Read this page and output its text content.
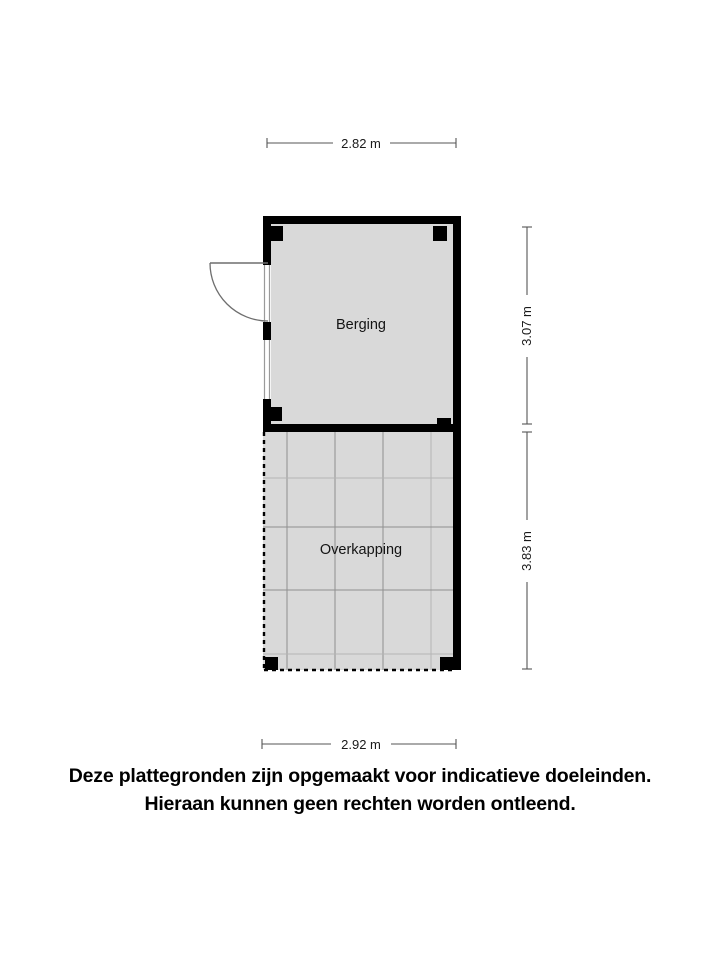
2.82 m
3.07 m
3.83 m
2.92 m
Berging
Overkapping
Deze plattegronden zijn opgemaakt voor indicatieve doeleinden.
Hieraan kunnen geen rechten worden ontleend.
